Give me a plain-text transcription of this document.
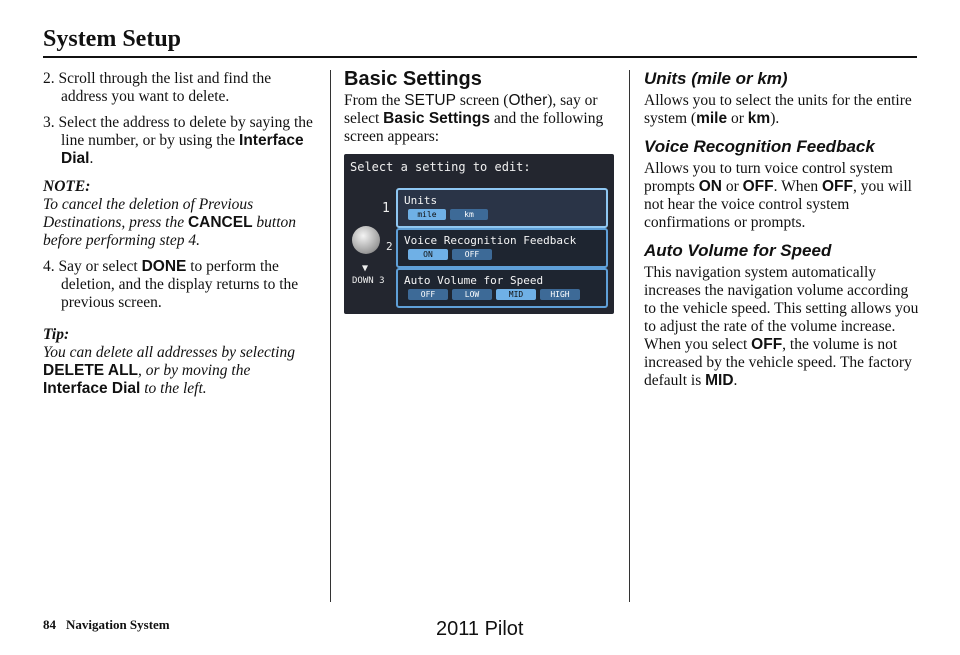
System Setup

2. Scroll through the list and find the address you want to delete.

3. Select the address to delete by saying the line number, or by using the Interface Dial.

NOTE:

To cancel the deletion of Previous Destinations, press the CANCEL button before performing step 4.

4. Say or select DONE to perform the deletion, and the display returns to the previous screen.

Tip:

You can delete all addresses by selecting DELETE ALL, or by moving the Interface Dial to the left.

Basic Settings

From the SETUP screen (Other), say or select Basic Settings and the following screen appears:

Select a setting to edit:
1
2
▼
DOWN 3
Units
mile	km
Voice Recognition Feedback
ON	OFF
Auto Volume for Speed
OFF	LOW	MID	HIGH
Units (mile or km)

Allows you to select the units for the entire system (mile or km).

Voice Recognition Feedback

Allows you to turn voice control system prompts ON or OFF. When OFF, you will not hear the voice control system confirmations or prompts.

Auto Volume for Speed

This navigation system automatically increases the navigation volume according to the vehicle speed. This setting allows you to adjust the rate of the volume increase.

When you select OFF, the volume is not increased by the vehicle speed. The factory default is MID.

84 Navigation System	2011 Pilot
